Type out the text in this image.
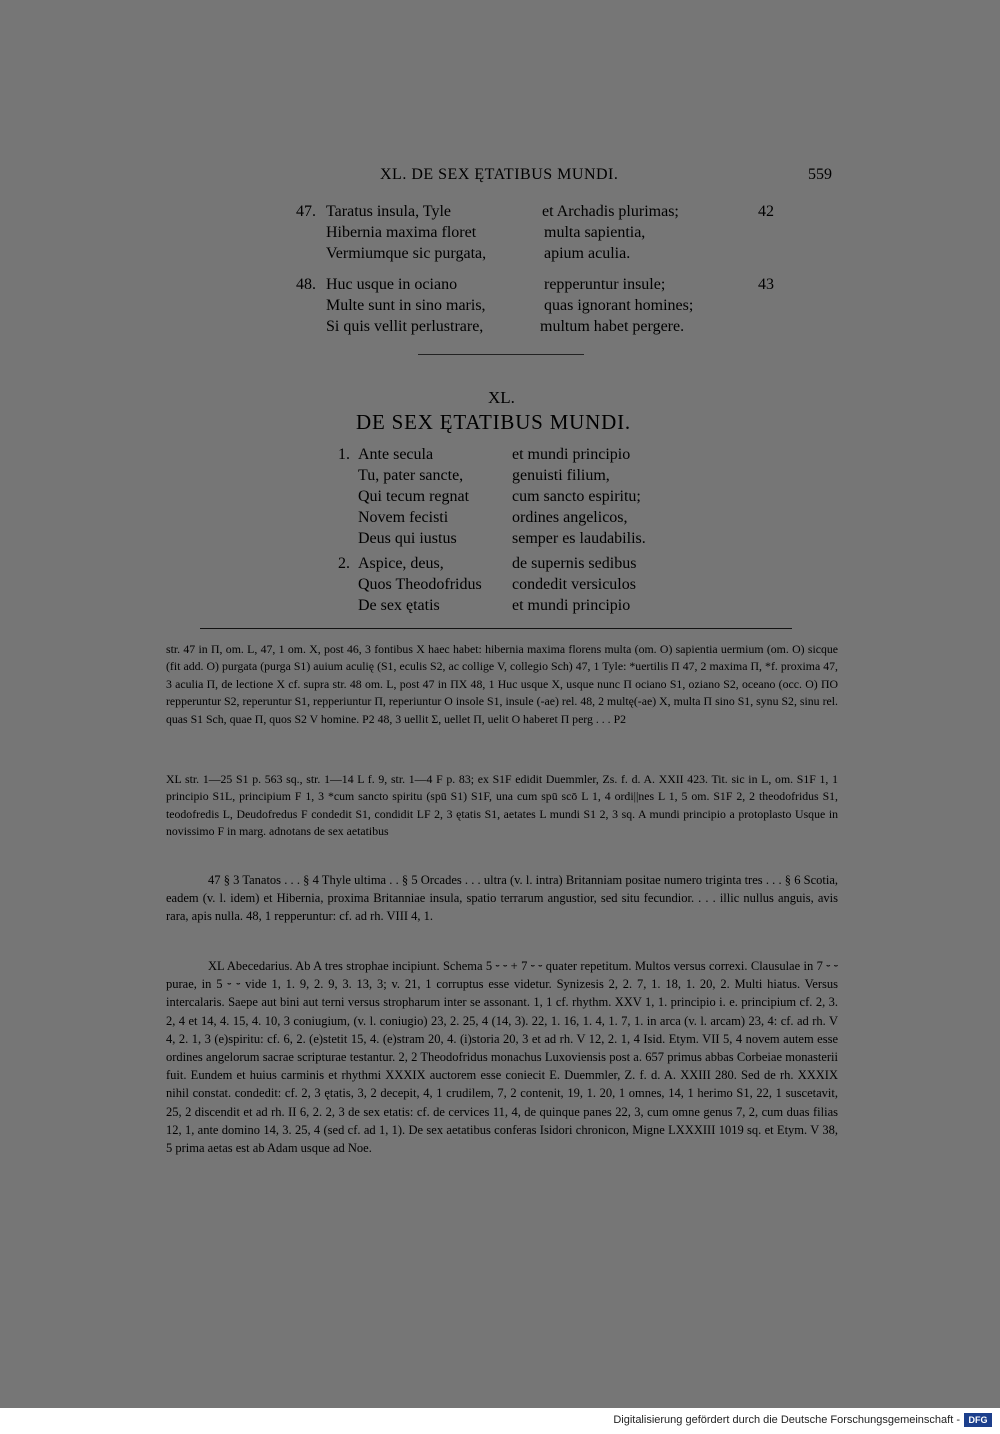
XL. DE SEX ĘTATIBUS MUNDI.	559
47. Taratus insula, Tyle
Hibernia maxima floret
Vermiumque sic purgata,
et Archadis plurimas;
multa sapientia,
apium aculia.
42
48. Huc usque in ociano
Multe sunt in sino maris,
Si quis vellit perlustrare,
repperuntur insule;
quas ignorant homines;
multum habet pergere.
43
XL.
DE SEX ĘTATIBUS MUNDI.
1. Ante secula
Tu, pater sancte,
Qui tecum regnat
Novem fecisti
Deus qui iustus
et mundi principio
genuisti filium,
cum sancto espiritu;
ordines angelicos,
semper es laudabilis.
2. Aspice, deus,
Quos Theodofridus
De sex ętatis
de supernis sedibus
condedit versiculos
et mundi principio
str. 47 in Π, om. L, 47, 1 om. X, post 46, 3 fontibus X haec habet: hibernia maxima florens multa (om. O) sapientia uermium (om. O) sicque (fit add. O) purgata (purga S1) auium aculię (S1, eculis S2, ac collige V, collegio Sch) 47, 1 Tyle: *uertilis Π 47, 2 maxima Π, *f. proxima 47, 3 aculia Π, de lectione X cf. supra str. 48 om. L, post 47 in ΠX 48, 1 Huc usque X, usque nunc Π ociano S1, oziano S2, oceano (occ. O) ΠO repperuntur S2, reperuntur S1, repperiuntur Π, reperiuntur O insole S1, insule (-ae) rel. 48, 2 multę(-ae) X, multa Π sino S1, synu S2, sinu rel. quas S1 Sch, quae Π, quos S2 V homine. P2 48, 3 uellit Σ, uellet Π, uelit O haberet Π perg . . . P2
XL str. 1—25 S1 p. 563 sq., str. 1—14 L f. 9, str. 1—4 F p. 83; ex S1F edidit Duemmler, Zs. f. d. A. XXII 423. Tit. sic in L, om. S1F 1, 1 principio S1L, principium F 1, 3 *cum sancto spiritu (spū S1) S1F, una cum spū scō L 1, 4 ordi||nes L 1, 5 om. S1F 2, 2 theodofridus S1, teodofredis L, Deudofredus F condedit S1, condidit LF 2, 3 ętatis S1, aetates L mundi S1 2, 3 sq. A mundi principio a protoplasto Usque in novissimo F in marg. adnotans de sex aetatibus
47 § 3 Tanatos . . . § 4 Thyle ultima . . § 5 Orcades . . . ultra (v. l. intra) Britanniam positae numero triginta tres . . . § 6 Scotia, eadem (v. l. idem) et Hibernia, proxima Britanniae insula, spatio terrarum angustior, sed situ fecundior. . . . illic nullus anguis, avis rara, apis nulla. 48, 1 repperuntur: cf. ad rh. VIII 4, 1.
XL Abecedarius. Ab A tres strophae incipiunt. Schema 5 ⏑ ⏑ + 7 ⏑ ⏑ quater repetitum. Multos versus correxi. Clausulae in 7 ⏑ ⏑ purae, in 5 ⏑ ⏑ vide 1, 1. 9, 2. 9, 3. 13, 3; v. 21, 1 corruptus esse videtur. Synizesis 2, 2. 7, 1. 18, 1. 20, 2. Multi hiatus. Versus intercalaris. Saepe aut bini aut terni versus stropharum inter se assonant. 1, 1 cf. rhythm. XXV 1, 1. principio i. e. principium cf. 2, 3. 2, 4 et 14, 4. 15, 4. 10, 3 coniugium, (v. l. coniugio) 23, 2. 25, 4 (14, 3). 22, 1. 16, 1. 4, 1. 7, 1. in arca (v. l. arcam) 23, 4: cf. ad rh. V 4, 2. 1, 3 (e)spiritu: cf. 6, 2. (e)stetit 15, 4. (e)stram 20, 4. (i)storia 20, 3 et ad rh. V 12, 2. 1, 4 Isid. Etym. VII 5, 4 novem autem esse ordines angelorum sacrae scripturae testantur. 2, 2 Theodofridus monachus Luxoviensis post a. 657 primus abbas Corbeiae monasterii fuit. Eundem et huius carminis et rhythmi XXXIX auctorem esse coniecit E. Duemmler, Z. f. d. A. XXIII 280. Sed de rh. XXXIX nihil constat. condedit: cf. 2, 3 ętatis, 3, 2 decepit, 4, 1 crudilem, 7, 2 contenit, 19, 1. 20, 1 omnes, 14, 1 herimo S1, 22, 1 suscetavit, 25, 2 discendit et ad rh. II 6, 2. 2, 3 de sex etatis: cf. de cervices 11, 4, de quinque panes 22, 3, cum omne genus 7, 2, cum duas filias 12, 1, ante domino 14, 3. 25, 4 (sed cf. ad 1, 1). De sex aetatibus conferas Isidori chronicon, Migne LXXXIII 1019 sq. et Etym. V 38, 5 prima aetas est ab Adam usque ad Noe.
Digitalisierung gefördert durch die Deutsche Forschungsgemeinschaft - DFG
